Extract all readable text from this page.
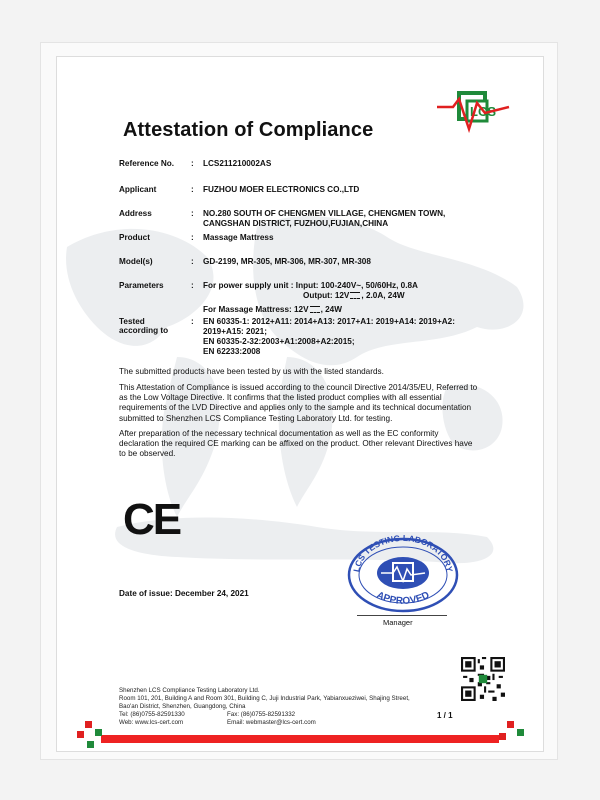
LCS
Attestation of Compliance
Reference No.	: LCS211210002AS
Applicant	: FUZHOU MOER ELECTRONICS CO.,LTD
Address	: NO.280 SOUTH OF CHENGMEN VILLAGE, CHENGMEN TOWN,
CANGSHAN DISTRICT, FUZHOU,FUJIAN,CHINA
Product	: Massage Mattress
Model(s)	: GD-2199, MR-305, MR-306, MR-307, MR-308
Parameters	: For power supply unit : Input: 100-240V~, 50/60Hz, 0.8A
Output: 12V , 2.0A, 24W
For Massage Mattress: 12V , 24W
Tested
according to
: EN 60335-1: 2012+A11: 2014+A13: 2017+A1: 2019+A14: 2019+A2:
2019+A15: 2021;
EN 60335-2-32:2003+A1:2008+A2:2015;
EN 62233:2008
The submitted products have been tested by us with the listed standards.
This Attestation of Compliance is issued according to the council Directive 2014/35/EU, Referred to as the Low Voltage Directive. It confirms that the listed product complies with all essential requirements of the LVD Directive and applies only to the sample and its technical documentation submitted to Shenzhen LCS Compliance Testing Laboratory Ltd. for testing.
After preparation of the necessary technical documentation as well as the EC conformity declaration the required CE marking can be affixed on the product. Other relevant Directives have to be observed.
CE
LCS TESTING LABORATORY
APPROVED
Manager
Date of issue: December 24, 2021
Shenzhen LCS Compliance Testing Laboratory Ltd.
Room 101, 201, Building A and Room 301, Building C, Juji Industrial Park, Yabianxueziwei, Shajing Street,
Bao'an District, Shenzhen, Guangdong, China
Tel: (86)0755-82591330	Fax: (86)0755-82591332
Web: www.lcs-cert.com	Email: webmaster@lcs-cert.com
1 / 1
